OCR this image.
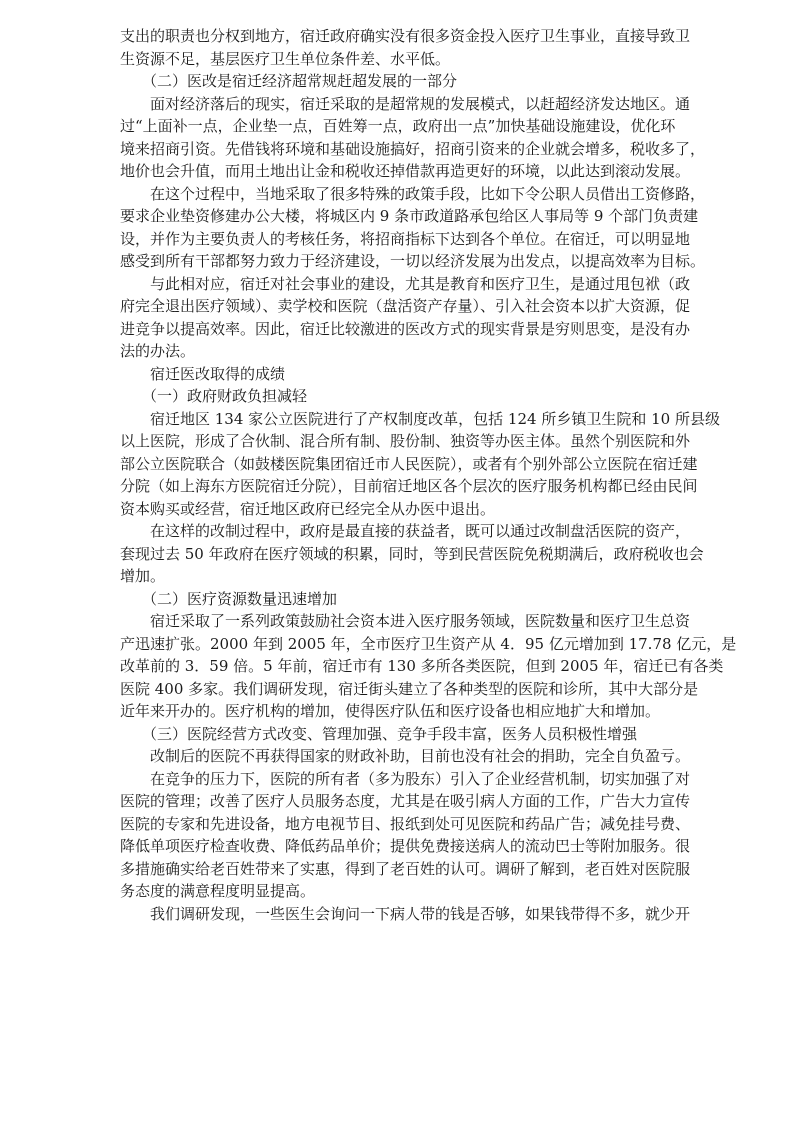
支出的职责也分权到地方，宿迁政府确实没有很多资金投入医疗卫生事业，直接导致卫
生资源不足，基层医疗卫生单位条件差、水平低。
（二）医改是宿迁经济超常规赶超发展的一部分
面对经济落后的现实，宿迁采取的是超常规的发展模式，以赶超经济发达地区。通
过“上面补一点，企业垫一点，百姓筹一点，政府出一点”加快基础设施建设，优化环
境来招商引资。先借钱将环境和基础设施搞好，招商引资来的企业就会增多，税收多了，
地价也会升值，而用土地出让金和税收还掉借款再造更好的环境，以此达到滚动发展。
在这个过程中，当地采取了很多特殊的政策手段，比如下令公职人员借出工资修路，
要求企业垫资修建办公大楼，将城区内 9 条市政道路承包给区人事局等 9 个部门负责建
设，并作为主要负责人的考核任务，将招商指标下达到各个单位。在宿迁，可以明显地
感受到所有干部都努力致力于经济建设，一切以经济发展为出发点，以提高效率为目标。
与此相对应，宿迁对社会事业的建设，尤其是教育和医疗卫生，是通过甩包袱（政
府完全退出医疗领域）、卖学校和医院（盘活资产存量）、引入社会资本以扩大资源，促
进竞争以提高效率。因此，宿迁比较激进的医改方式的现实背景是穷则思变，是没有办
法的办法。
宿迁医改取得的成绩
（一）政府财政负担减轻
宿迁地区 134 家公立医院进行了产权制度改革，包括 124 所乡镇卫生院和 10 所县级
以上医院，形成了合伙制、混合所有制、股份制、独资等办医主体。虽然个别医院和外
部公立医院联合（如鼓楼医院集团宿迁市人民医院），或者有个别外部公立医院在宿迁建
分院（如上海东方医院宿迁分院），目前宿迁地区各个层次的医疗服务机构都已经由民间
资本购买或经营，宿迁地区政府已经完全从办医中退出。
在这样的改制过程中，政府是最直接的获益者，既可以通过改制盘活医院的资产，
套现过去 50 年政府在医疗领域的积累，同时，等到民营医院免税期满后，政府税收也会
增加。
（二）医疗资源数量迅速增加
宿迁采取了一系列政策鼓励社会资本进入医疗服务领域，医院数量和医疗卫生总资
产迅速扩张。2000 年到 2005 年，全市医疗卫生资产从 4．95 亿元增加到 17.78 亿元，是
改革前的 3．59 倍。5 年前，宿迁市有 130 多所各类医院，但到 2005 年，宿迁已有各类
医院 400 多家。我们调研发现，宿迁街头建立了各种类型的医院和诊所，其中大部分是
近年来开办的。医疗机构的增加，使得医疗队伍和医疗设备也相应地扩大和增加。
（三）医院经营方式改变、管理加强、竞争手段丰富，医务人员积极性增强
改制后的医院不再获得国家的财政补助，目前也没有社会的捐助，完全自负盈亏。
在竞争的压力下，医院的所有者（多为股东）引入了企业经营机制，切实加强了对
医院的管理；改善了医疗人员服务态度，尤其是在吸引病人方面的工作，广告大力宣传
医院的专家和先进设备，地方电视节目、报纸到处可见医院和药品广告；减免挂号费、
降低单项医疗检查收费、降低药品单价；提供免费接送病人的流动巴士等附加服务。很
多措施确实给老百姓带来了实惠，得到了老百姓的认可。调研了解到，老百姓对医院服
务态度的满意程度明显提高。
我们调研发现，一些医生会询问一下病人带的钱是否够，如果钱带得不多，就少开
